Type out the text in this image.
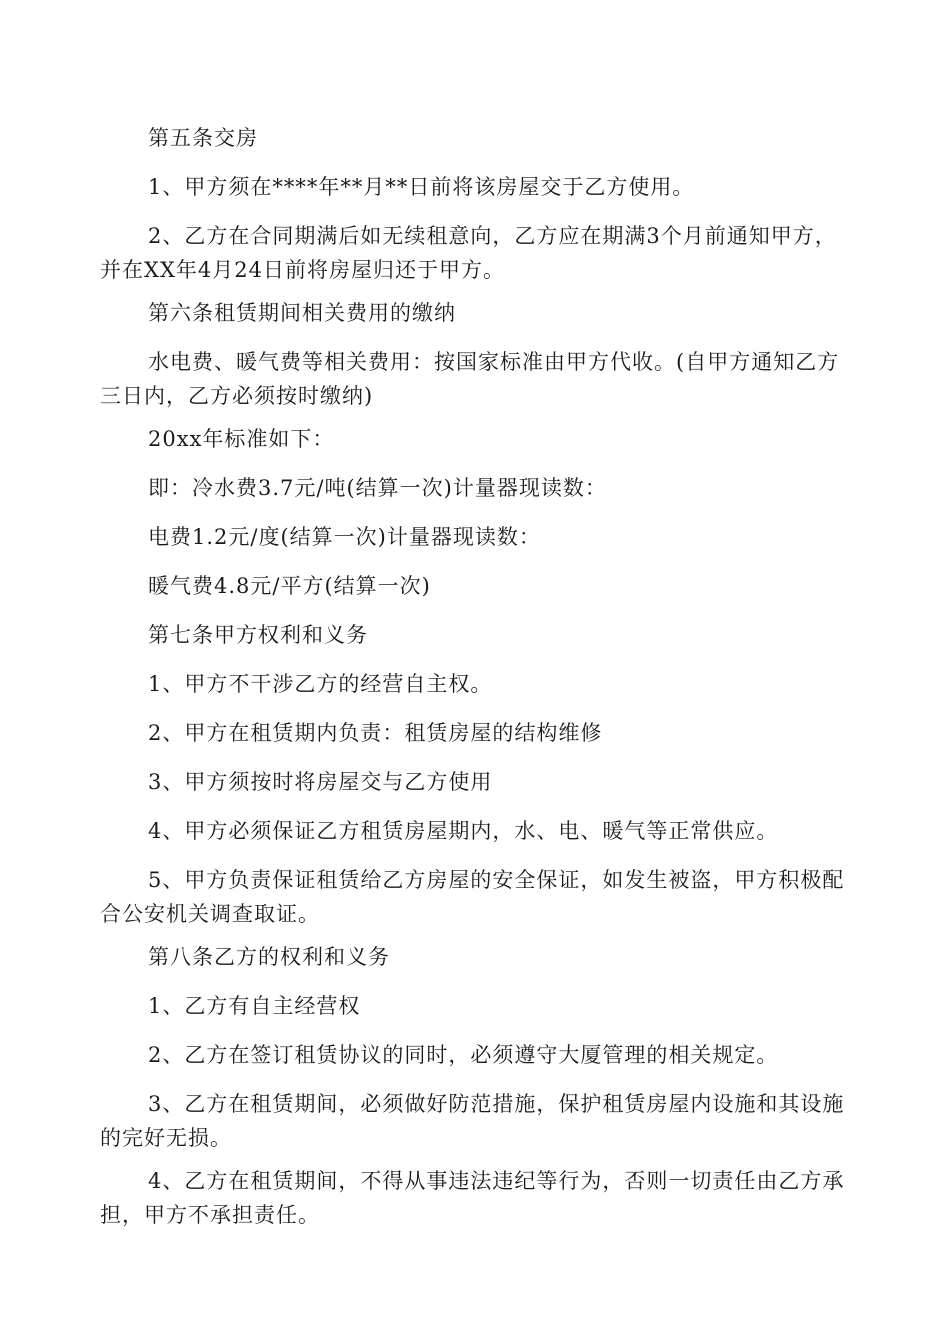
第五条交房

1、甲方须在****年**月**日前将该房屋交于乙方使用。

2、乙方在合同期满后如无续租意向，乙方应在期满3个月前通知甲方，并在XX年4月24日前将房屋归还于甲方。

第六条租赁期间相关费用的缴纳

水电费、暖气费等相关费用：按国家标准由甲方代收。(自甲方通知乙方三日内，乙方必须按时缴纳)

20xx年标准如下：

即：冷水费3.7元/吨(结算一次)计量器现读数：

电费1.2元/度(结算一次)计量器现读数：

暖气费4.8元/平方(结算一次)

第七条甲方权利和义务

1、甲方不干涉乙方的经营自主权。

2、甲方在租赁期内负责：租赁房屋的结构维修

3、甲方须按时将房屋交与乙方使用

4、甲方必须保证乙方租赁房屋期内，水、电、暖气等正常供应。

5、甲方负责保证租赁给乙方房屋的安全保证，如发生被盗，甲方积极配合公安机关调查取证。

第八条乙方的权利和义务

1、乙方有自主经营权

2、乙方在签订租赁协议的同时，必须遵守大厦管理的相关规定。

3、乙方在租赁期间，必须做好防范措施，保护租赁房屋内设施和其设施的完好无损。

4、乙方在租赁期间，不得从事违法违纪等行为，否则一切责任由乙方承担，甲方不承担责任。
